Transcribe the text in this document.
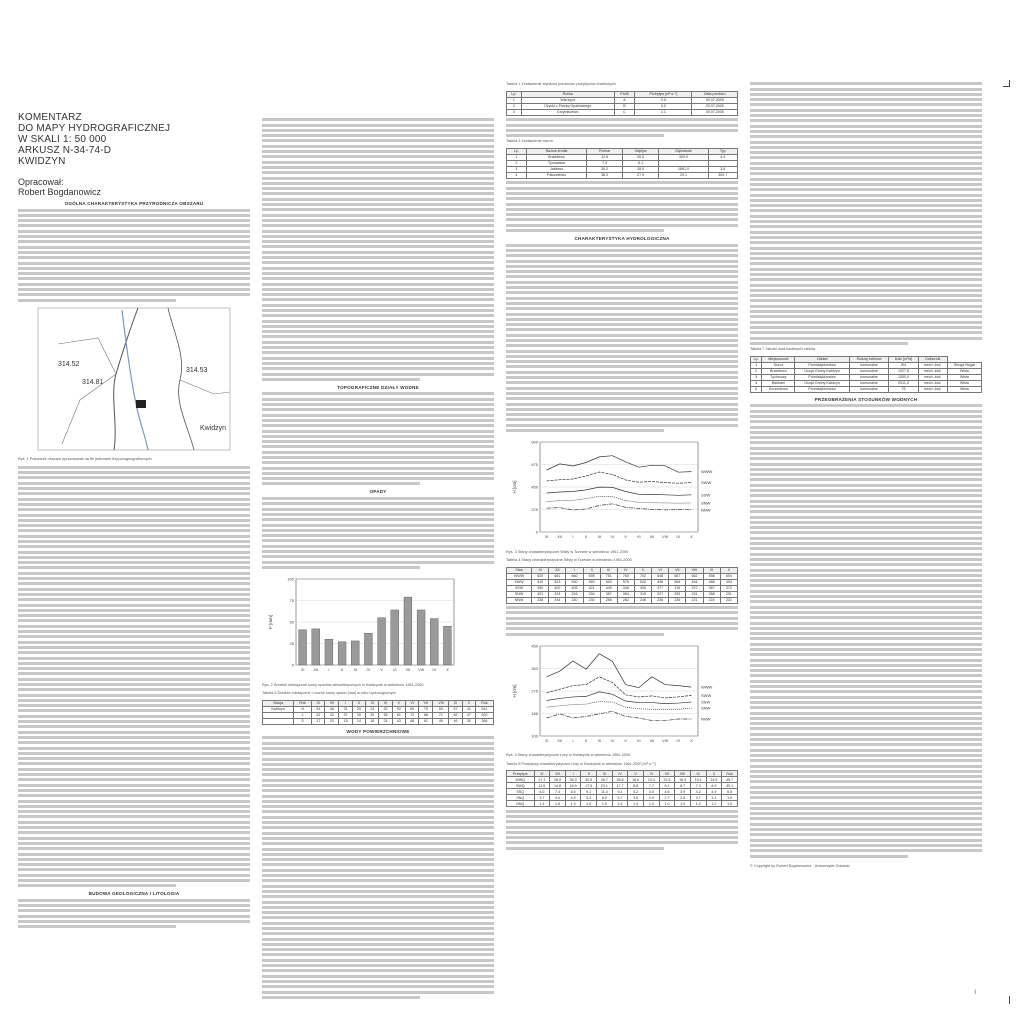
KOMENTARZ
DO MAPY HYDROGRAFICZNEJ
W SKALI 1: 50 000
ARKUSZ N-34-74-D
KWIDZYN
Opracował:
Robert Bogdanowicz
OGÓLNA CHARAKTERYSTYKA PRZYRODNICZA OBSZARU
314.52
314.81
314.53
Kwidzyn
Rys. 1 Położenie obszaru opracowania na tle jednostek fizycznogeograficznych
BUDOWA GEOLOGICZNA I LITOLOGIA
TOPOGRAFICZNE DZIAŁY WODNE
OPADY
0
25
50
75
100
P [mm]
XI XII	I	II	III IV V VI VII VIII IX X
Rys. 2 Średnie miesięczne sumy opadów atmosferycznych w Kwidzynie w wieloleciu 1961-2000
Tabela 3 Średnie miesięczne i roczne sumy opadu [mm] w roku hydrologicznym
Stacja	Rok	XI	XII	I	II	III	IV	V	VI	VII	VIII	IX	X	Rok
Kwidzyn	N	34	36	31	25	24	32	52	65	79	65	57	41	541
	L	42	42	37	30	30	38	61	72	88	71	62	47	620
	S	17	20	15	14	16	24	43	48	62	49	46	30	384
WODY POWIERZCHNIOWE
Tabela 2 Zestawienie wzroń
Lp.	Nazwa źródła	Pomiar	Odpływ	Głębokość	Typ
1	Brachlewo	12.8	26.5	300.0	4.4
2	Tymawska	7.3	6.1		
3	Jabłowo	30.2	28.0	1681.0	3.8
4	Pakowiecko	38.3	27.9	29.1	300.7
CHARAKTERYSTYKA HYDROLOGICZNA
0
225
450
675
900
H [cm]
XI XII	I	II	III IV V VI VII VIII IX X
WWW
SWW
SSW
SNW
NNW
Rys. 3 Stany charakterystyczne Wisły w Tczewie w wieloleciu 1961-2000
Tabela 4 Stany charakterystyczne Wisły w Tczewie w wieloleciu 1961-2000
Stan	XI	XII	I	II	III	IV	V	VI	VII	VIII	IX	X
WWW	620	681	660	695	751	763	702	648	667	662	598	604
SWW	510	523	530	560	600	575	520	498	506	494	488	494
SSW	390	400	405	421	449	446	405	377	376	372	367	372
SNW	303	314	316	334	357	354	315	297	293	291	288	291
NNW	238	244	220	230	266	282	246	236	226	221	224	222
100
188
275
363
450
H [cm]
XI XII	I	II	III IV V VI VII VIII IX X
WWW
SWW
SSW
SNW
NNW
Rys. 4 Stany charakterystyczne Liwy w Kwidzynie w wieloleciu 1961-2000
Tabela 5 Przepływy charakterystyczne Liwy w Kwidzynie w wieloleciu 1961-2000 [m³·s⁻¹]
Przepływ	XI	XII	I	II	III	IV	V	VI	VII	VIII	IX	X	Rok
WWQ	27.1	28.9	35.3	30.5	45.7	35.8	16.6	13.4	22.5	16.9	15.1	14.5	45.7
SWQ	11.6	14.8	16.9	17.5	23.1	17.7	8.8	7.7	9.1	6.7	7.3	8.9	30.1
SSQ	6.0	7.4	8.5	9.1	11.4	9.1	5.2	4.5	4.6	3.9	4.2	4.9	6.5
SNQ	3.7	4.4	4.9	5.2	6.0	5.7	3.5	2.9	2.7	2.6	2.7	3.1	1.9
NNQ	1.3	1.8	1.3	1.5	1.9	2.4	1.4	1.3	1.0	1.0	1.2	1.2	1.0
Tabela 1 Zestawienie wyników pomiarów przepływów chwilowych
Lp.	Rzeka	Profil	Przepływ [m³·s⁻¹]	Data pomiaru
1	Wierzyca	A	0.5	30.07.2005
2	Ożycki z Polską Opalińskiego	B	0.0	03.07.2005
3	Grzymiszewo	C	1.1	30.07.2005
Tabela 7 Jakość wód badanych cieków
Lp.	Miejscowość	Zakład	Rodzaj ścieków	Ilość [m³/d]	Odbiornik	
1	Gurcz	Przedsiębiorstwo	komunalne	5/4	mech.-biol.	Struga Nogat
2	Brachlewo	Urząd Gminy Kwidzyn	komunalne	1927,8	mech.-biol.	Wisła
3	Tychnowy	Przedsiębiorstwo	komunalne	1050,0	mech.-biol.	Wisła
4	Bałdram	Urząd Gminy Kwidzyn	komunalne	2511,5	mech.-biol.	Wisła
5	Korzeniewo	Przedsiębiorstwo	komunalne	75	mech.-biol.	Wisła
PRZEOBRAŻENIA STOSUNKÓW WODNYCH
© Copyright by Robert Bogdanowicz · Uniwersytet Gdański
I
